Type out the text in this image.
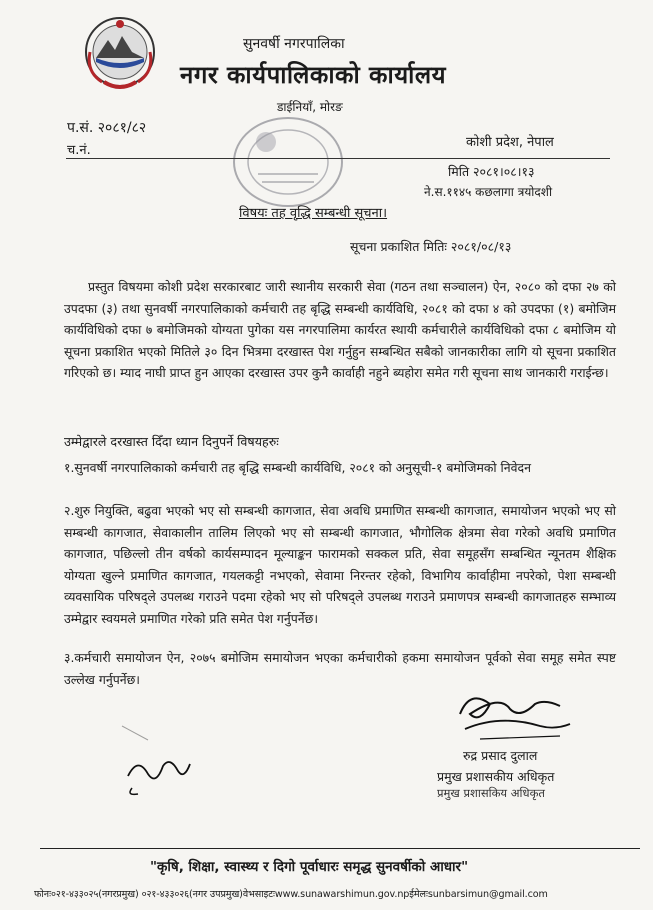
सुनवर्षी नगरपालिका
नगर कार्यपालिकाको कार्यालय
डाईनियाँ, मोरङ
प.सं. २०८१/८२
च.नं.
कोशी प्रदेश, नेपाल
मिति २०८१।०८।१३
ने.स.११४५ कछलागा त्रयोदशी
विषयः तह वृद्धि सम्बन्धी सूचना।
सूचना प्रकाशित मितिः २०८१/०८/१३
प्रस्तुत विषयमा कोशी प्रदेश सरकारबाट जारी स्थानीय सरकारी सेवा (गठन तथा सञ्चालन) ऐन, २०८० को दफा २७ को उपदफा (३) तथा सुनवर्षी नगरपालिकाको कर्मचारी तह बृद्धि सम्बन्धी कार्यविधि, २०८१ को दफा ४ को उपदफा (१) बमोजिम कार्यविधिको दफा ७ बमोजिमको योग्यता पुगेका यस नगरपालिमा कार्यरत स्थायी कर्मचारीले कार्यविधिको दफा ८ बमोजिम यो सूचना प्रकाशित भएको मितिले ३० दिन भित्रमा दरखास्त पेश गर्नुहुन सम्बन्धित सबैको जानकारीका लागि यो सूचना प्रकाशित गरिएको छ। म्याद नाघी प्राप्त हुन आएका दरखास्त उपर कुनै कार्वाही नहुने ब्यहोरा समेत गरी सूचना साथ जानकारी गराईन्छ।
उम्मेद्वारले दरखास्त दिँदा ध्यान दिनुपर्ने विषयहरुः
१.सुनवर्षी नगरपालिकाको कर्मचारी तह बृद्धि सम्बन्धी कार्यविधि, २०८१ को अनुसूची-१ बमोजिमको निवेदन
२.शुरु नियुक्ति, बढुवा भएको भए सो सम्बन्धी कागजात, सेवा अवधि प्रमाणित सम्बन्धी कागजात, समायोजन भएको भए सो सम्बन्धी कागजात, सेवाकालीन तालिम लिएको भए सो सम्बन्धी कागजात, भौगोलिक क्षेत्रमा सेवा गरेको अवधि प्रमाणित कागजात, पछिल्लो तीन वर्षको कार्यसम्पादन मूल्याङ्कन फारामको सक्कल प्रति, सेवा समूहसँग सम्बन्धित न्यूनतम शैक्षिक योग्यता खुल्ने प्रमाणित कागजात, गयलकट्टी नभएको, सेवामा निरन्तर रहेको, विभागिय कार्वाहीमा नपरेको, पेशा सम्बन्धी व्यवसायिक परिषद्ले उपलब्ध गराउने पदमा रहेको भए सो परिषद्ले उपलब्ध गराउने प्रमाणपत्र सम्बन्धी कागजातहरु सम्भाव्य उम्मेद्वार स्वयमले प्रमाणित गरेको प्रति समेत पेश गर्नुपर्नेछ।
३.कर्मचारी समायोजन ऐन, २०७५ बमोजिम समायोजन भएका कर्मचारीको हकमा समायोजन पूर्वको सेवा समूह समेत स्पष्ट उल्लेख गर्नुपर्नेछ।
रुद्र प्रसाद दुलाल
प्रमुख प्रशासकीय अधिकृत
प्रमुख प्रशासकिय अधिकृत
"कृषि, शिक्षा, स्वास्थ्य र दिगो पूर्वाधारः समृद्ध सुनवर्षीको आधार"
फोनः०२१-४३३०२५(नगरप्रमुख) ०२१-४३३०२६(नगर उपप्रमुख)वेभसाइटःwww.sunawarshimun.gov.npईमेलःsunbarsimun@gmail.com
